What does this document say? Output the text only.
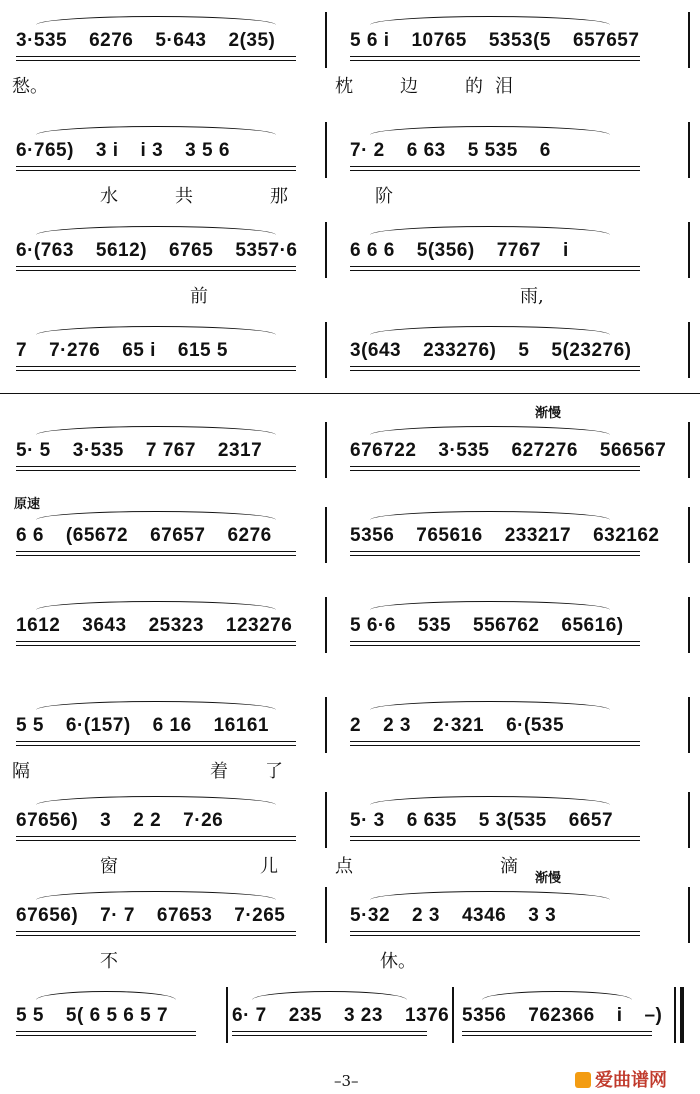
3·535 6276 5·643 2(35)	5 6 i 10765 5353(5 657657
愁。	枕	边	的 泪
6·765) 3 i i 3 3 5 6	7· 2 6 63 5 535 6
水	共	那	阶
6·(763 5612) 6765 5357·6	6 6 6 5(356) 7767 i
前	雨,
7 7·276 65 i 615 5	3(643 233276) 5 5(23276)
5· 5 3·535 7 767 2317	676722 3·535 627276 566567
渐慢
6 6 (65672 67657 6276	5356 765616 233217 632162
原速
1612 3643 25323 123276	5 6·6 535 556762 65616)
5 5 6·(157) 6 16 16161	2 2 3 2·321 6·(535
隔	着 了
67656) 3 2 2 7·26	5· 3 6 635 5 3(535 6657
窗	儿	点	滴
67656) 7· 7 67653 7·265	5·32 2 3 4346 3 3
不	休。
渐慢
5 5 5( 6 5 6 5 7	6· 7 235 3 23 1376 5356 762366 i –)
–3–	爱曲谱网
